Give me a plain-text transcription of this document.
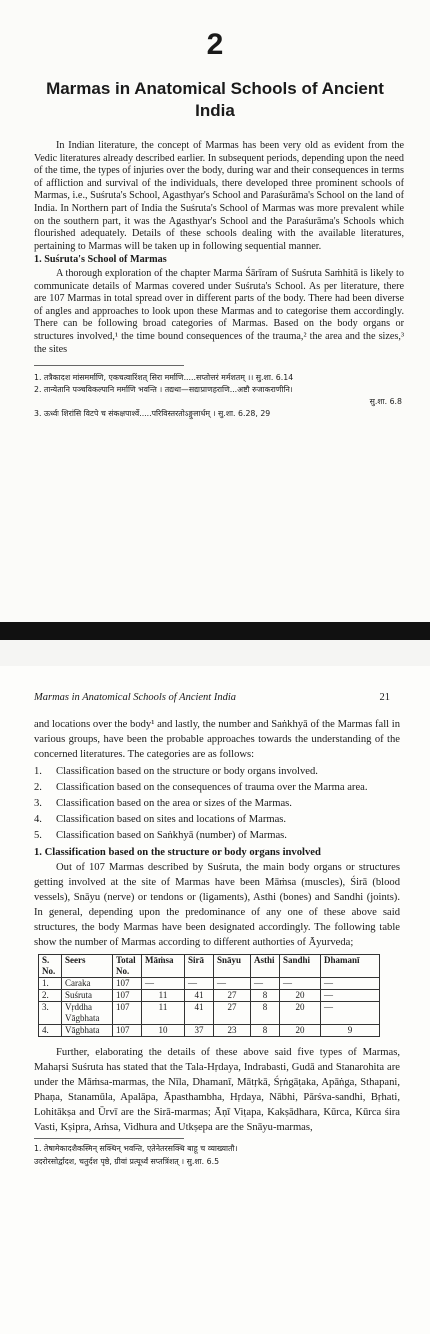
2
Marmas in Anatomical Schools of Ancient India

In Indian literature, the concept of Marmas has been very old as evident from the Vedic literatures already described earlier. In subsequent periods, depending upon the need of the time, the types of injuries over the body, during war and their consequences in terms of affliction and survival of the individuals, there developed three prominent schools of Marmas, i.e., Suśruta's School, Agasthyar's School and Paraśurāma's School on the land of India. In Northern part of India the Suśruta's School of Marmas was more prevalent while on the southern part, it was the Agasthyar's School and the Paraśurāma's Schools which flourished adequately. Details of these schools dealing with the available literatures, pertaining to Marmas will be taken up in following sequential manner.

1. Suśruta's School of Marmas

A thorough exploration of the chapter Marma Śārīram of Suśruta Saṁhitā is likely to communicate details of Marmas covered under Suśruta's School. As per literature, there are 107 Marmas in total spread over in different parts of the body. There had been diverse of angles and approaches to look upon these Marmas and to categorise them accordingly. There can be following broad categories of Marmas. Based on the body organs or structures involved,¹ the time bound consequences of the trauma,² the area and the sizes,³ the sites

1. तत्रैकादश मांसमर्माणि, एकचत्वारिंशत् सिरा मर्माणि.....सप्तोत्तरं मर्मशतम् ।। सु.शा. 6.14
2. तान्येतानि पञ्चविकल्पानि मर्माणि भवन्ति । तद्यथा—सद्यःप्राणहराणि...अष्टौ रुजाकराणीनि।
सु.शा. 6.8
3. ऊर्ध्वः शिरांसि विटपे च संकक्षपार्श्वे.....परिविस्तरतोऽङ्गुलार्धम् । सु.शा. 6.28, 29
Marmas in Anatomical Schools of Ancient India	21

and locations over the body¹ and lastly, the number and Saṅkhyā of the Marmas fall in various groups, have been the probable approaches towards the understanding of the concerned literatures. The categories are as follows:

1.	Classification based on the structure or body organs involved.
2.	Classification based on the consequences of trauma over the Marma area.
3.	Classification based on the area or sizes of the Marmas.
4.	Classification based on sites and locations of Marmas.
5.	Classification based on Saṅkhyā (number) of Marmas.
1. Classification based on the structure or body organs involved

Out of 107 Marmas described by Suśruta, the main body organs or structures getting involved at the site of Marmas have been Māṁsa (muscles), Śirā (blood vessels), Snāyu (nerve) or tendons or (ligaments), Asthi (bones) and Sandhi (joints). In general, depending upon the predominance of any one of these above said structures, the body Marmas have been designated accordingly. The following table show the number of Marmas according to different authorties of Āyurveda;

S. No.	Seers	Total No.	Māṁsa	Sirā	Snāyu	Asthi	Sandhi	Dhamanī
1.	Caraka	107	—	—	—	—	—	—
2.	Suśruta	107	11	41	27	8	20	—
3.	Vṛddha Vāgbhata	107	11	41	27	8	20	—
4.	Vāgbhata	107	10	37	23	8	20	9

Further, elaborating the details of these above said five types of Marmas, Mahaṛsi Suśruta has stated that the Tala-Hṛdaya, Indrabasti, Gudā and Stanarohita are under the Māṁsa-marmas, the Nīla, Dhamanī, Mātṛkā, Śṛṅgāṭaka, Apāṅga, Sthapani, Phaṇa, Stanamūla, Apalāpa, Āpasthambha, Hṛdaya, Nābhi, Pārśva-sandhi, Bṛhati, Lohitākṣa and Ūrvī are the Sirā-marmas; Āṇī Viṭapa, Kakṣādhara, Kūrca, Kūrca śira Vasti, Kṣipra, Aṁsa, Vidhura and Utkṣepa are the Snāyu-marmas,

1. तेषामेकादशैकस्मिन् सक्थिन् भवन्ति, एतेनेतरसक्थि बाहू च व्याख्यातौ।
उदरोरसोर्द्वादश, चतुर्दश पृष्ठे, ग्रीवां प्रत्यूर्ध्वं सप्तत्रिंशत् । सु.शा. 6.5
